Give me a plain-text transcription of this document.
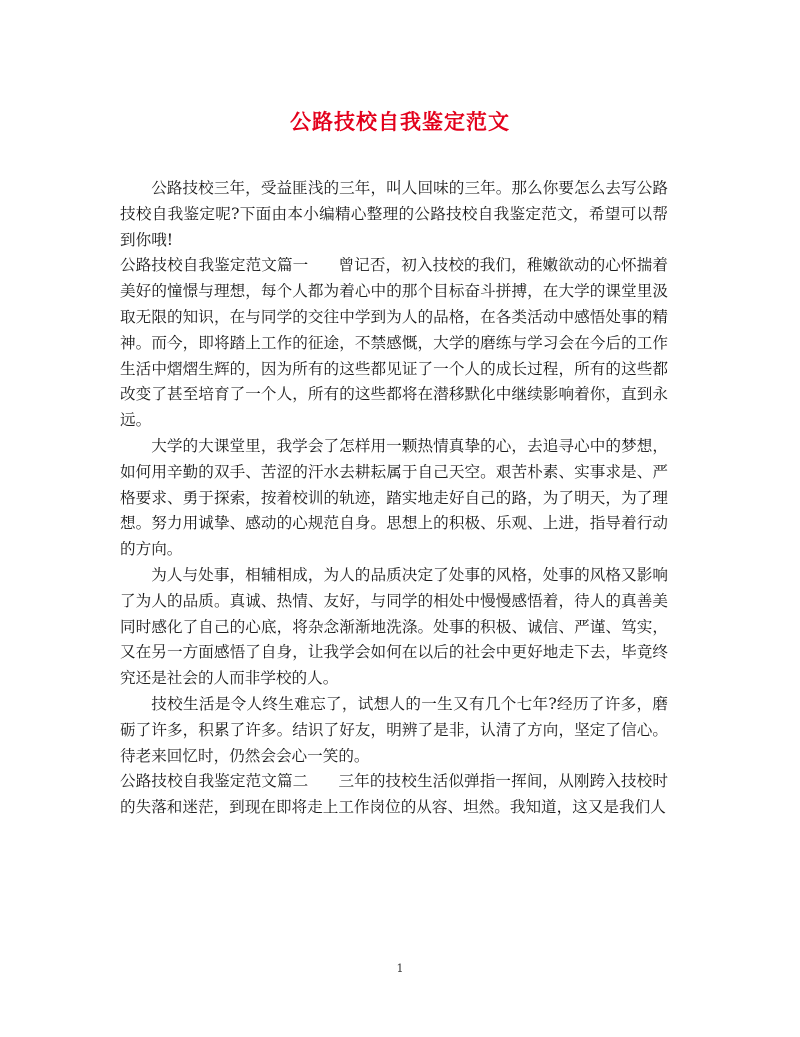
公路技校自我鉴定范文

公路技校三年，受益匪浅的三年，叫人回味的三年。那么你要怎么去写公路技校自我鉴定呢?下面由本小编精心整理的公路技校自我鉴定范文，希望可以帮到你哦!

公路技校自我鉴定范文篇一 曾记否，初入技校的我们，稚嫩欲动的心怀揣着美好的憧憬与理想，每个人都为着心中的那个目标奋斗拼搏，在大学的课堂里汲取无限的知识，在与同学的交往中学到为人的品格，在各类活动中感悟处事的精神。而今，即将踏上工作的征途，不禁感慨，大学的磨练与学习会在今后的工作生活中熠熠生辉的，因为所有的这些都见证了一个人的成长过程，所有的这些都改变了甚至培育了一个人，所有的这些都将在潜移默化中继续影响着你，直到永远。

大学的大课堂里，我学会了怎样用一颗热情真挚的心，去追寻心中的梦想，如何用辛勤的双手、苦涩的汗水去耕耘属于自己天空。艰苦朴素、实事求是、严格要求、勇于探索，按着校训的轨迹，踏实地走好自己的路，为了明天，为了理想。努力用诚挚、感动的心规范自身。思想上的积极、乐观、上进，指导着行动的方向。

为人与处事，相辅相成，为人的品质决定了处事的风格，处事的风格又影响了为人的品质。真诚、热情、友好，与同学的相处中慢慢感悟着，待人的真善美同时感化了自己的心底，将杂念渐渐地洗涤。处事的积极、诚信、严谨、笃实，又在另一方面感悟了自身，让我学会如何在以后的社会中更好地走下去，毕竟终究还是社会的人而非学校的人。

技校生活是令人终生难忘了，试想人的一生又有几个七年?经历了许多，磨砺了许多，积累了许多。结识了好友，明辨了是非，认清了方向，坚定了信心。待老来回忆时，仍然会会心一笑的。

公路技校自我鉴定范文篇二 三年的技校生活似弹指一挥间，从刚跨入技校时的失落和迷茫，到现在即将走上工作岗位的从容、坦然。我知道，这又是我们人

1
